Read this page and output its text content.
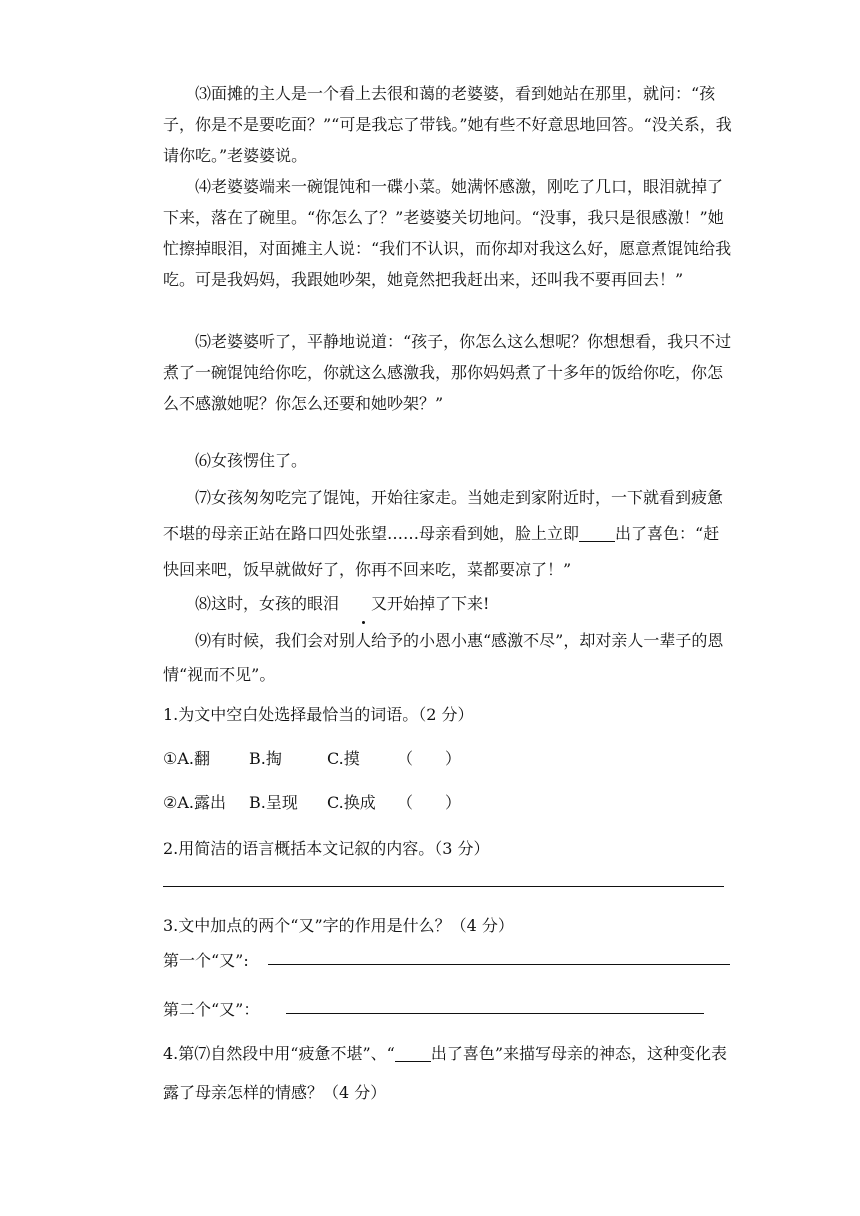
⑶面摊的主人是一个看上去很和蔼的老婆婆，看到她站在那里，就问：“孩子，你是不是要吃面？”“可是我忘了带钱。”她有些不好意思地回答。“没关系，我请你吃。”老婆婆说。

⑷老婆婆端来一碗馄饨和一碟小菜。她满怀感激，刚吃了几口，眼泪就掉了下来，落在了碗里。“你怎么了？”老婆婆关切地问。“没事，我只是很感激！”她忙擦掉眼泪，对面摊主人说：“我们不认识，而你却对我这么好，愿意煮馄饨给我吃。可是我妈妈，我跟她吵架，她竟然把我赶出来，还叫我不要再回去！”

⑸老婆婆听了，平静地说道：“孩子，你怎么这么想呢？你想想看，我只不过煮了一碗馄饨给你吃，你就这么感激我，那你妈妈煮了十多年的饭给你吃，你怎么不感激她呢？你怎么还要和她吵架？”

⑹女孩愣住了。

⑺女孩匆匆吃完了馄饨，开始往家走。当她走到家附近时，一下就看到疲惫不堪的母亲正站在路口四处张望……母亲看到她，脸上立即 出了喜色：“赶快回来吧，饭早就做好了，你再不回来吃，菜都要凉了！”

⑻这时，女孩的眼泪 又开始掉了下来!

⑼有时候，我们会对别人给予的小恩小惠“感激不尽”，却对亲人一辈子的恩情“视而不见”。

1.为文中空白处选择最恰当的词语。（2 分）

①A.翻 B.掏	C.摸 （　　）

②A.露出 B.呈现 C.换成 （　　）

2.用简洁的语言概括本文记叙的内容。（3 分）

3.文中加点的两个“又”字的作用是什么？（4 分）

第一个“又”:

第二个“又”：

4.第⑺自然段中用“疲惫不堪”、“ 出了喜色”来描写母亲的神态，这种变化表露了母亲怎样的情感？（4 分）
